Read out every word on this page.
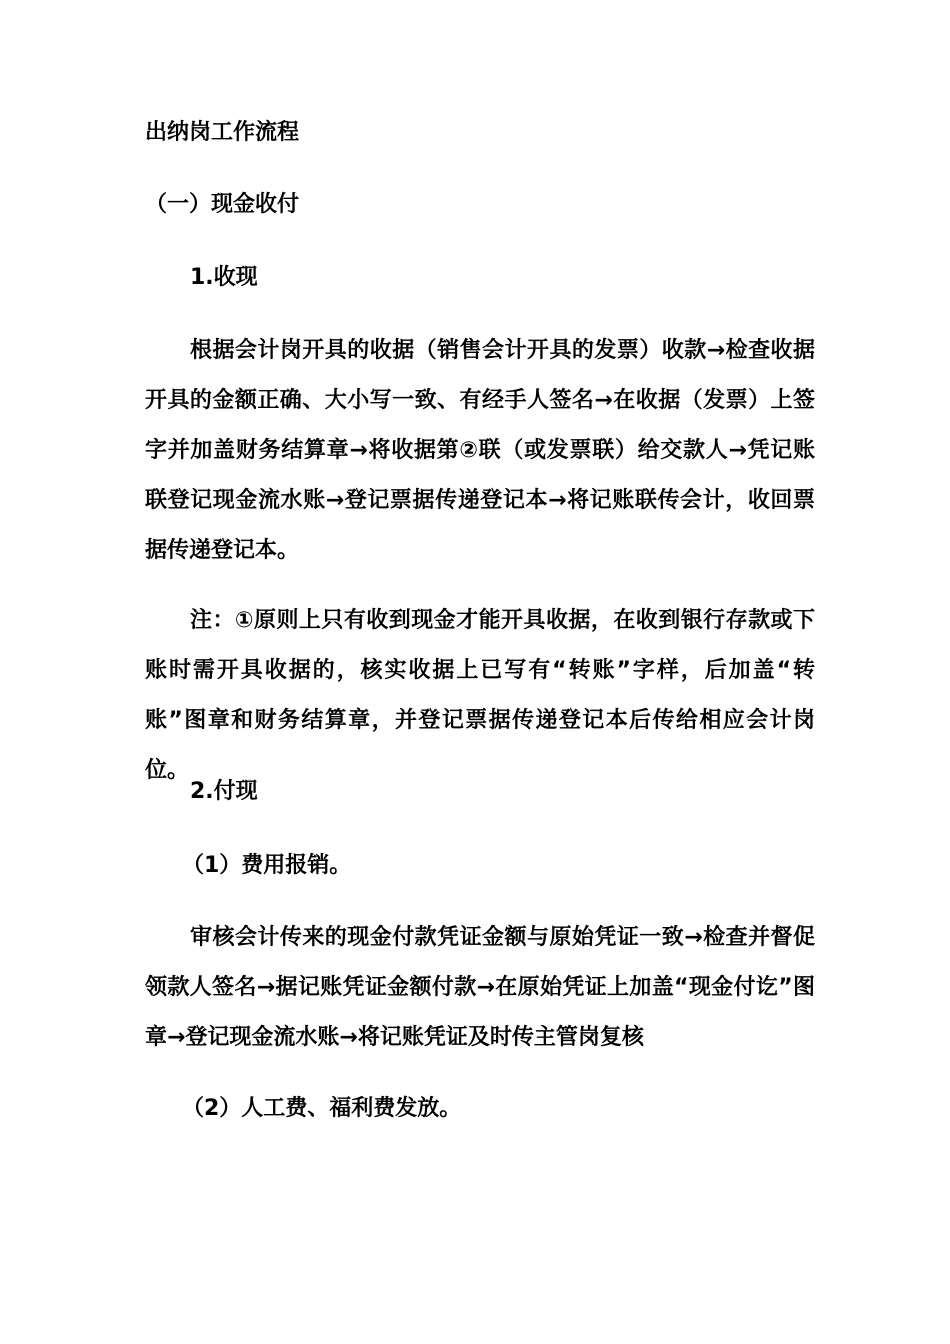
出纳岗工作流程

（一）现金收付

1.收现

根据会计岗开具的收据（销售会计开具的发票）收款→检查收据开具的金额正确、大小写一致、有经手人签名→在收据（发票）上签字并加盖财务结算章→将收据第②联（或发票联）给交款人→凭记账联登记现金流水账→登记票据传递登记本→将记账联传会计，收回票据传递登记本。

注：①原则上只有收到现金才能开具收据，在收到银行存款或下账时需开具收据的，核实收据上已写有“转账”字样，后加盖“转账”图章和财务结算章，并登记票据传递登记本后传给相应会计岗位。

2.付现

（1）费用报销。

审核会计传来的现金付款凭证金额与原始凭证一致→检查并督促领款人签名→据记账凭证金额付款→在原始凭证上加盖“现金付讫”图章→登记现金流水账→将记账凭证及时传主管岗复核

（2）人工费、福利费发放。
